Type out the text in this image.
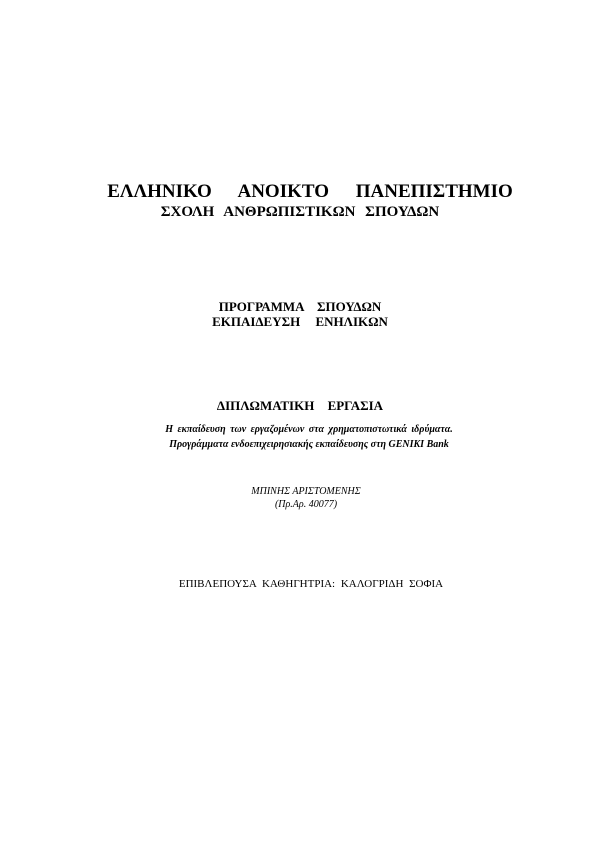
ΕΛΛΗΝΙΚΟ ΑΝΟΙΚΤΟ ΠΑΝΕΠΙΣΤΗΜΙΟ
ΣΧΟΛΗ ΑΝΘΡΩΠΙΣΤΙΚΩΝ ΣΠΟΥΔΩΝ
ΠΡΟΓΡΑΜΜΑ ΣΠΟΥΔΩΝ
ΕΚΠΑΙΔΕΥΣΗ ΕΝΗΛΙΚΩΝ
ΔΙΠΛΩΜΑΤΙΚΗ ΕΡΓΑΣΙΑ
Η εκπαίδευση των εργαζομένων στα χρηματοπιστωτικά ιδρύματα.
Προγράμματα ενδοεπιχειρησιακής εκπαίδευσης στη GENIKI Bank
ΜΠΙΝΗΣ ΑΡΙΣΤΟΜΕΝΗΣ
(Πρ.Αρ. 40077)
ΕΠΙΒΛΕΠΟΥΣΑ ΚΑΘΗΓΗΤΡΙΑ: ΚΑΛΟΓΡΙΔΗ ΣΟΦΙΑ
